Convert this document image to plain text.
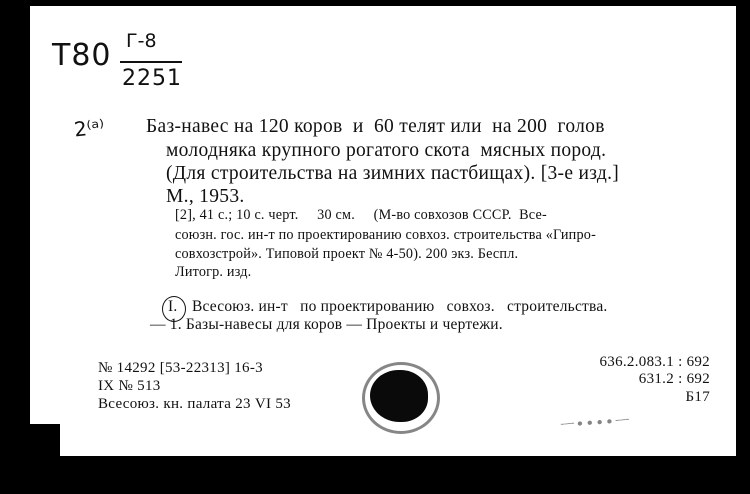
T80 Г-8
2251
2⁽ᵃ⁾ Баз-навес на 120 коров  и  60 телят или  на 200  голов
молодняка крупного рогатого скота  мясных пород.
(Для строительства на зимних пастбищах). [3-е изд.]
М., 1953.
[2], 41 с.; 10 с. черт.     30 см.     (М-во совхозов СССР.  Все-
союзн. гос. ин-т по проектированию совхоз. строительства «Гипро-
совхозстрой». Типовой проект № 4-50). 200 экз. Беспл.
Литогр. изд.
I. Всесоюз. ин-т   по проектированию   совхоз.   строительства.
— 1. Базы-навесы для коров — Проекты и чертежи.
№ 14292 [53-22313] 16-3
IX № 513
Всесоюз. кн. палата 23 VI 53
636.2.083.1 : 692
631.2 : 692
Б17
ㅡ••••ㅡ
